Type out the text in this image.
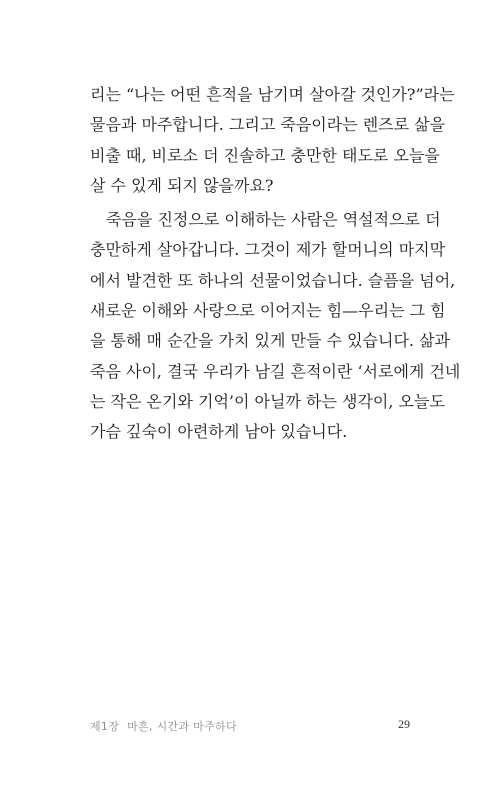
리는 “나는 어떤 흔적을 남기며 살아갈 것인가?”라는
물음과 마주합니다. 그리고 죽음이라는 렌즈로 삶을
비출 때, 비로소 더 진솔하고 충만한 태도로 오늘을
살 수 있게 되지 않을까요?
죽음을 진정으로 이해하는 사람은 역설적으로 더
충만하게 살아갑니다. 그것이 제가 할머니의 마지막
에서 발견한 또 하나의 선물이었습니다. 슬픔을 넘어,
새로운 이해와 사랑으로 이어지는 힘—우리는 그 힘
을 통해 매 순간을 가치 있게 만들 수 있습니다. 삶과
죽음 사이, 결국 우리가 남길 흔적이란 ‘서로에게 건네
는 작은 온기와 기억’이 아닐까 하는 생각이, 오늘도
가슴 깊숙이 아련하게 남아 있습니다.
제1장 마흔, 시간과 마주하다	29
